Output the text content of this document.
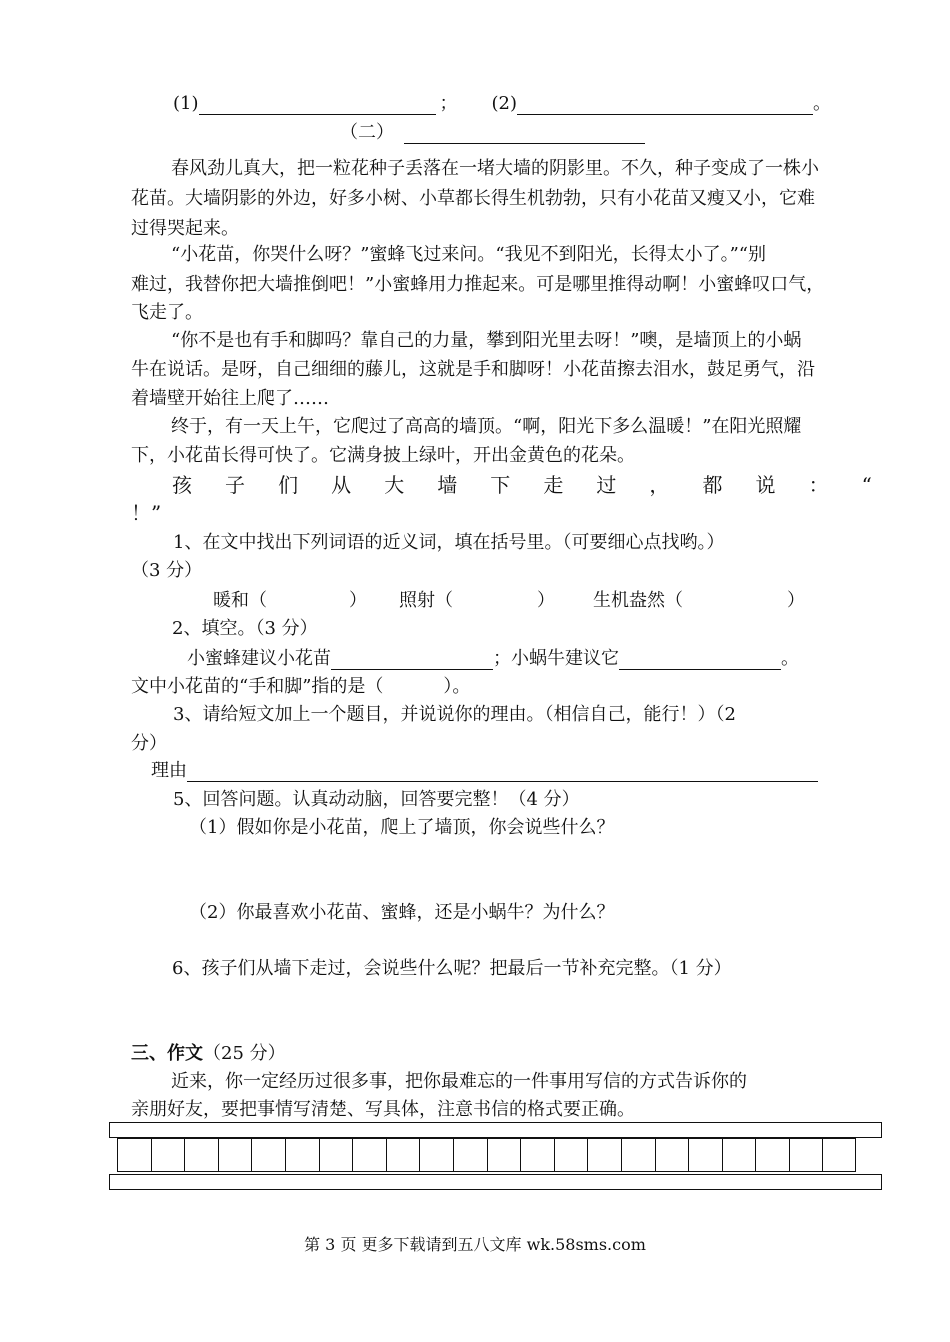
(1)	； (2)	。
（二）
春风劲儿真大，把一粒花种子丢落在一堵大墙的阴影里。不久，种子变成了一株小
花苗。大墙阴影的外边，好多小树、小草都长得生机勃勃，只有小花苗又瘦又小，它难
过得哭起来。
“小花苗，你哭什么呀？”蜜蜂飞过来问。“我见不到阳光，长得太小了。”“别
难过，我替你把大墙推倒吧！”小蜜蜂用力推起来。可是哪里推得动啊！小蜜蜂叹口气，
飞走了。
“你不是也有手和脚吗？靠自己的力量，攀到阳光里去呀！”噢，是墙顶上的小蜗
牛在说话。是呀，自己细细的藤儿，这就是手和脚呀！小花苗擦去泪水，鼓足勇气，沿
着墙壁开始往上爬了……
终于，有一天上午，它爬过了高高的墙顶。“啊，阳光下多么温暖！”在阳光照耀
下，小花苗长得可快了。它满身披上绿叶，开出金黄色的花朵。
孩 子 们 从 大 墙 下 走 过 ， 都 说 ： “
！”
1、在文中找出下列词语的近义词，填在括号里。（可要细心点找哟。）
（3 分）
暖和（	） 照射（	） 生机盎然（	）
2、填空。（3 分）
小蜜蜂建议小花苗	；小蜗牛建议它	。
文中小花苗的“手和脚”指的是（	）。
3、请给短文加上一个题目，并说说你的理由。（相信自己，能行！）（2
分）
理由
5、回答问题。认真动动脑，回答要完整！（4 分）
（1）假如你是小花苗，爬上了墙顶，你会说些什么？
（2）你最喜欢小花苗、蜜蜂，还是小蜗牛？为什么？
6、孩子们从墙下走过，会说些什么呢？把最后一节补充完整。（1 分）
三、作文（25 分）
近来，你一定经历过很多事，把你最难忘的一件事用写信的方式告诉你的
亲朋好友，要把事情写清楚、写具体，注意书信的格式要正确。
第 3 页 更多下载请到五八文库 wk.58sms.com
